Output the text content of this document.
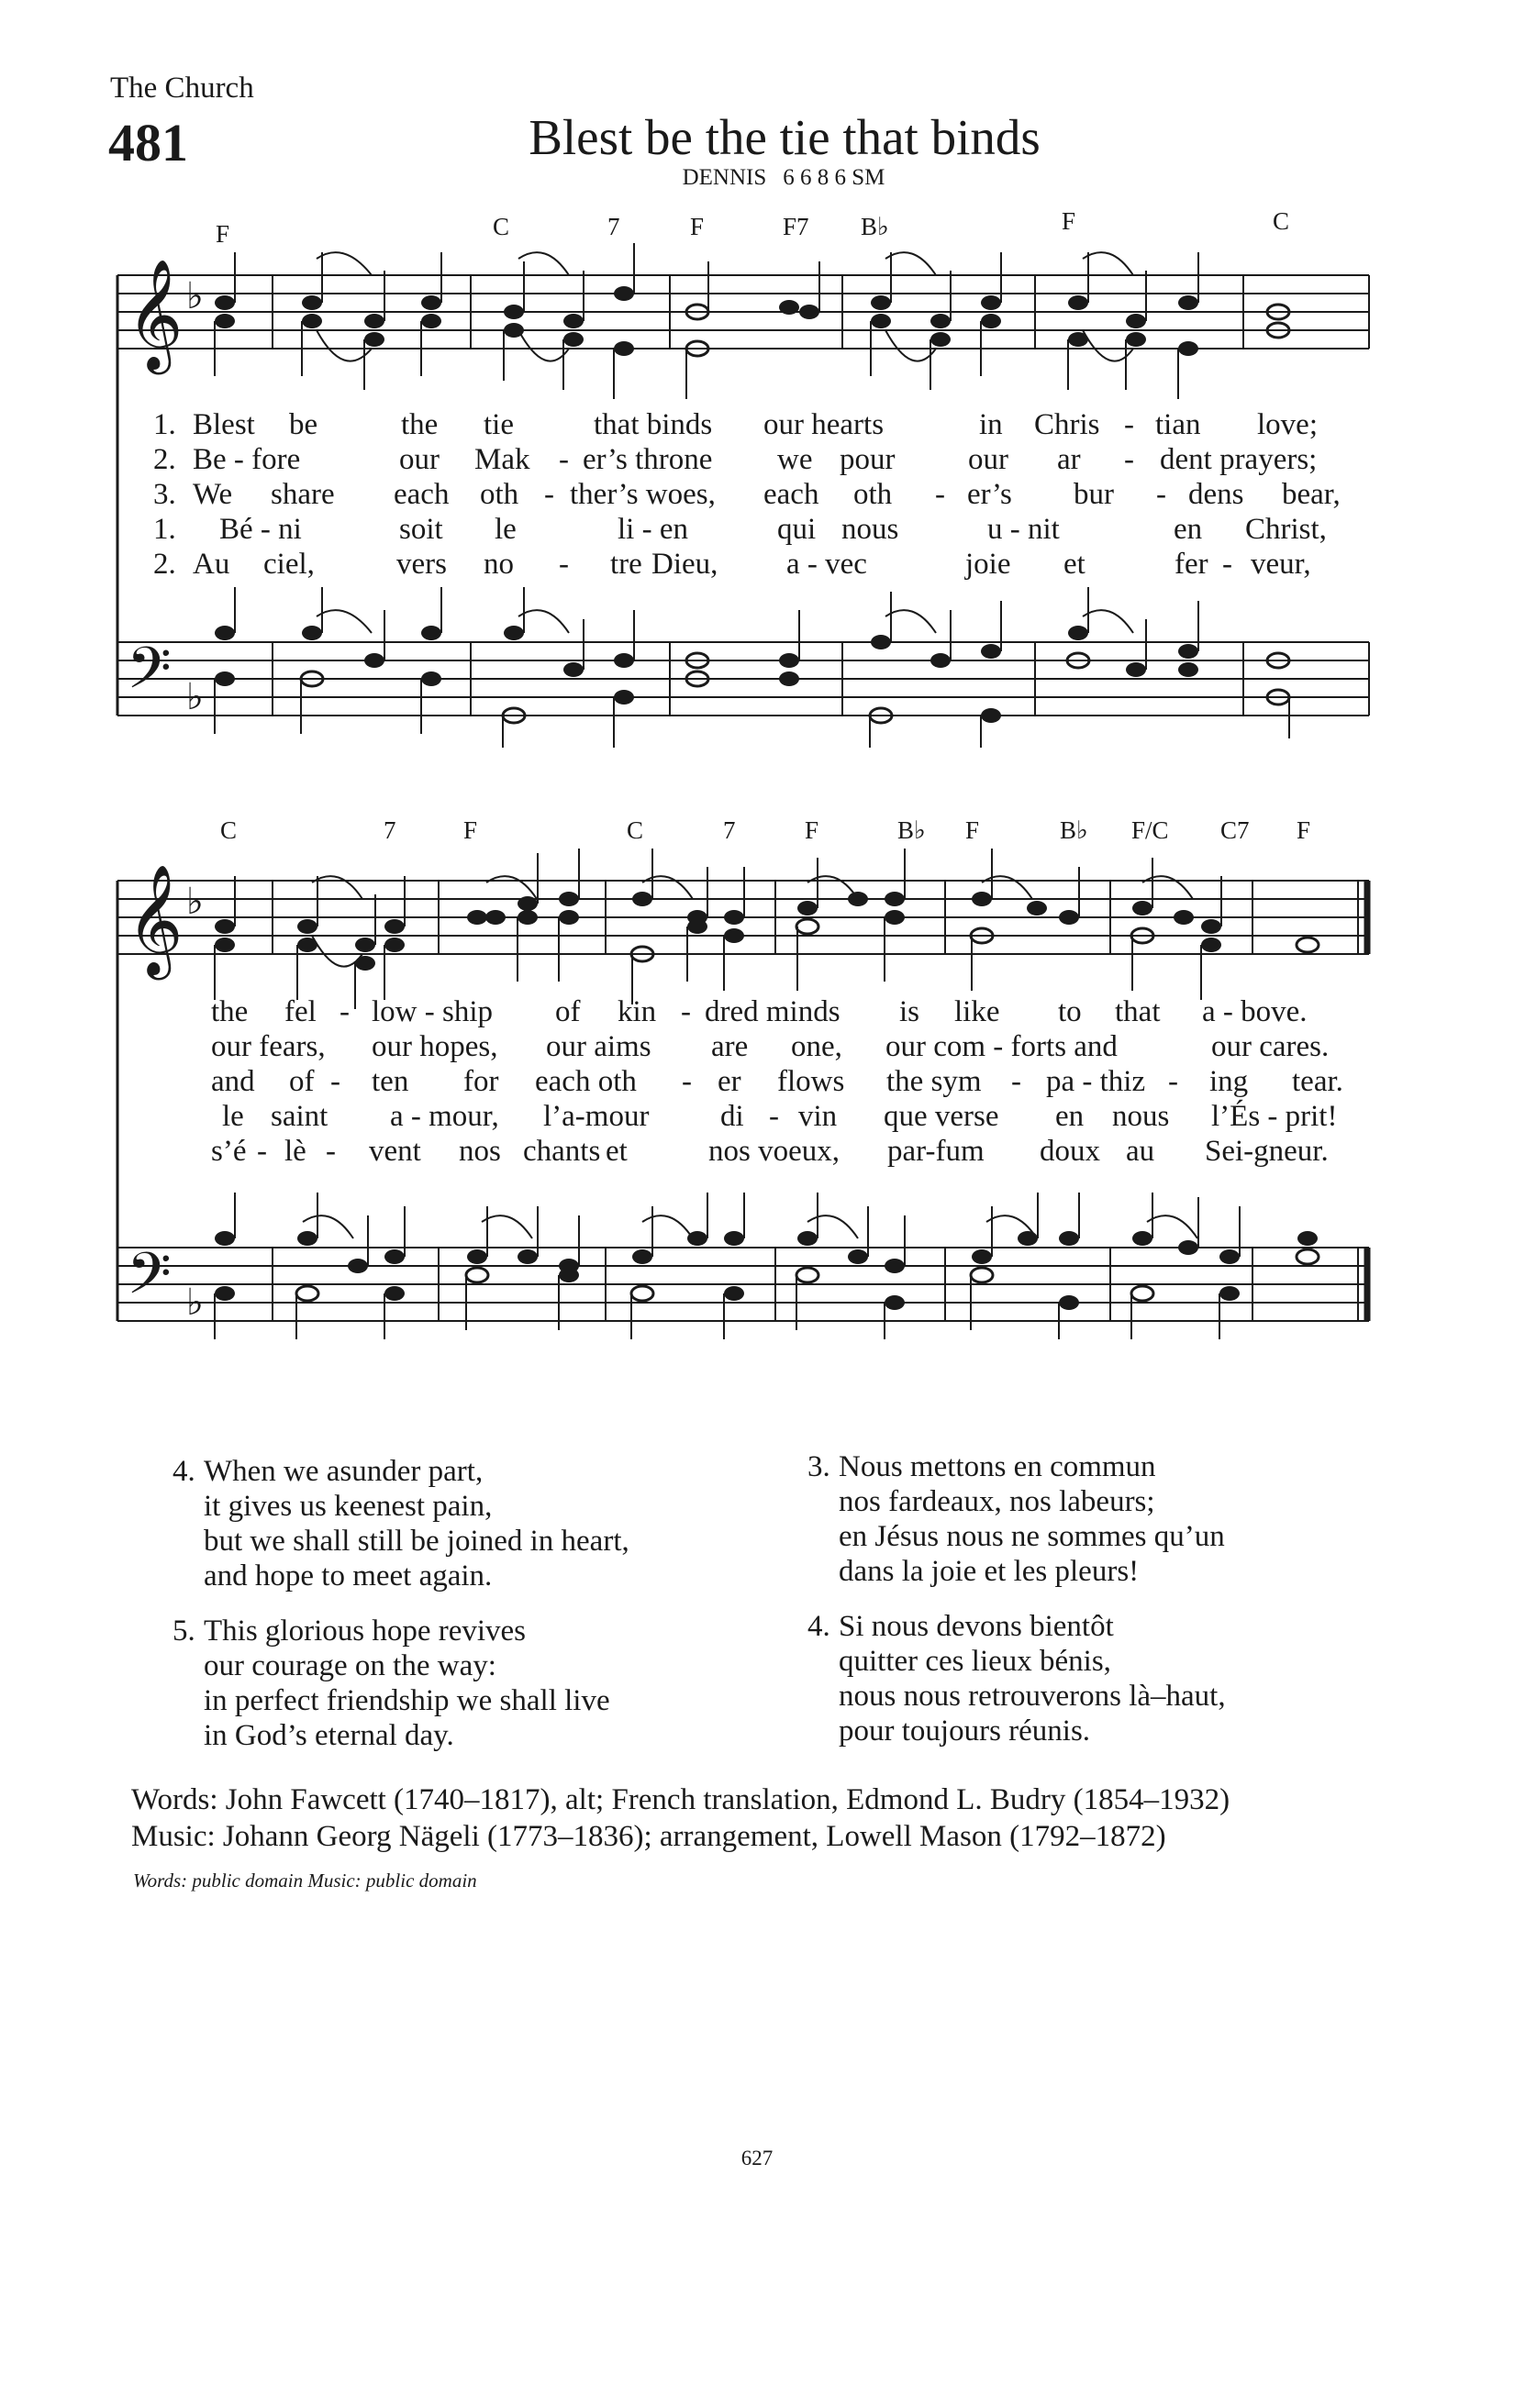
The Church
481	Blest be the tie that binds
DENNIS 6 6 8 6 SM
F	C	7	F	F7 B♭	F	C
𝄞 ♭
𝄢 ♭
1. Blest be	the tie	that binds our hearts	in Chris - tian love;
2. Be - fore	our Mak - er’s throne we pour our ar - dent prayers;
3. We share each oth - ther’s woes, each oth - er’s bur - dens bear,
1. Bé - ni	soit le	li - en	qui nous	u - nit	en Christ,
2. Au ciel,	vers no - tre Dieu, a - vec	joie et	fer - veur,
C	7	F	C	7	F	B♭ F	B♭ F/C C7 F
𝄞 ♭
𝄢 ♭
the fel - low - ship of kin - dred minds is like to that a - bove.
our fears, our hopes, our aims are one, our com - forts and	our cares.
and of - ten for each oth - er flows the sym - pa - thiz - ing tear.
le saint a - mour, l’a-mour di - vin que verse en nous l’És - prit!
s’é - lè - vent nos chants et	nos voeux, par-fum doux au Sei-gneur.
4. When we asunder part,
it gives us keenest pain,
but we shall still be joined in heart,
and hope to meet again.
5. This glorious hope revives
our courage on the way:
in perfect friendship we shall live
in God’s eternal day.
3. Nous mettons en commun
nos fardeaux, nos labeurs;
en Jésus nous ne sommes qu’un
dans la joie et les pleurs!
4. Si nous devons bientôt
quitter ces lieux bénis,
nous nous retrouverons là–haut,
pour toujours réunis.
Words: John Fawcett (1740–1817), alt; French translation, Edmond L. Budry (1854–1932)
Music: Johann Georg Nägeli (1773–1836); arrangement, Lowell Mason (1792–1872)
Words: public domain Music: public domain
627
